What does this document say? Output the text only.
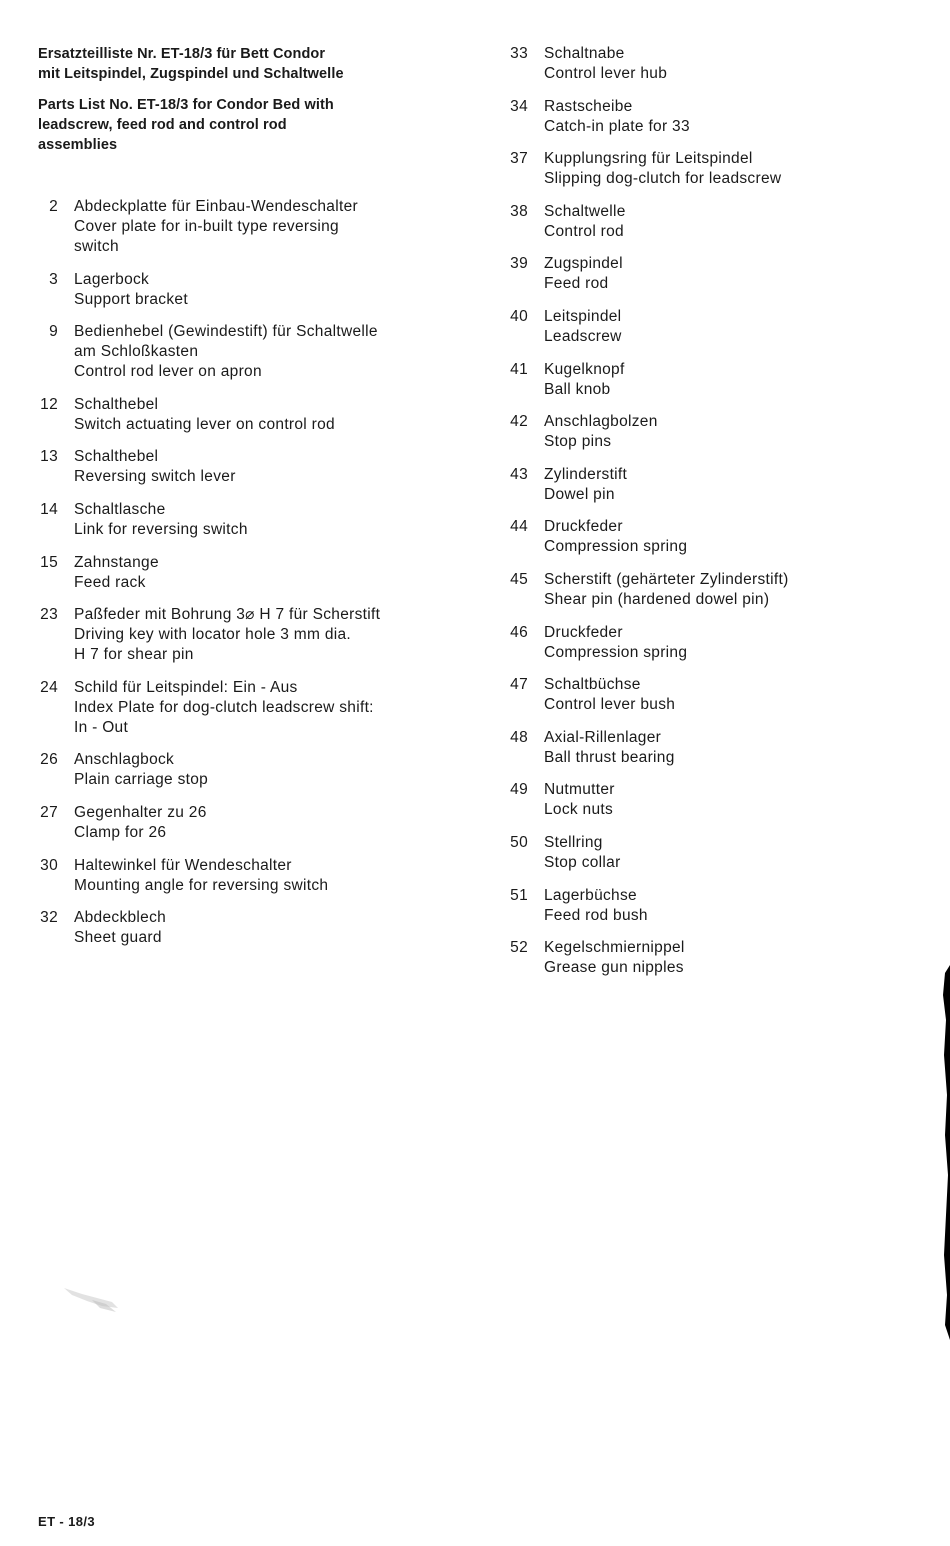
Ersatzteilliste Nr. ET-18/3 für Bett Condor
mit Leitspindel, Zugspindel und Schaltwelle
Parts List No. ET-18/3 for Condor Bed with
leadscrew, feed rod and control rod
assemblies
2 Abdeckplatte für Einbau-Wendeschalter
Cover plate for in-built type reversing
switch
3 Lagerbock
Support bracket
9 Bedienhebel (Gewindestift) für Schaltwelle
am Schloßkasten
Control rod lever on apron
12 Schalthebel
Switch actuating lever on control rod
13 Schalthebel
Reversing switch lever
14 Schaltlasche
Link for reversing switch
15 Zahnstange
Feed rack
23 Paßfeder mit Bohrung 3⌀ H 7 für Scherstift
Driving key with locator hole 3 mm dia.
H 7 for shear pin
24 Schild für Leitspindel: Ein - Aus
Index Plate for dog-clutch leadscrew shift:
In - Out
26 Anschlagbock
Plain carriage stop
27 Gegenhalter zu 26
Clamp for 26
30 Haltewinkel für Wendeschalter
Mounting angle for reversing switch
32 Abdeckblech
Sheet guard
33 Schaltnabe
Control lever hub
34 Rastscheibe
Catch-in plate for 33
37 Kupplungsring für Leitspindel
Slipping dog-clutch for leadscrew
38 Schaltwelle
Control rod
39 Zugspindel
Feed rod
40 Leitspindel
Leadscrew
41 Kugelknopf
Ball knob
42 Anschlagbolzen
Stop pins
43 Zylinderstift
Dowel pin
44 Druckfeder
Compression spring
45 Scherstift (gehärteter Zylinderstift)
Shear pin (hardened dowel pin)
46 Druckfeder
Compression spring
47 Schaltbüchse
Control lever bush
48 Axial-Rillenlager
Ball thrust bearing
49 Nutmutter
Lock nuts
50 Stellring
Stop collar
51 Lagerbüchse
Feed rod bush
52 Kegelschmiernippel
Grease gun nipples
ET - 18/3
